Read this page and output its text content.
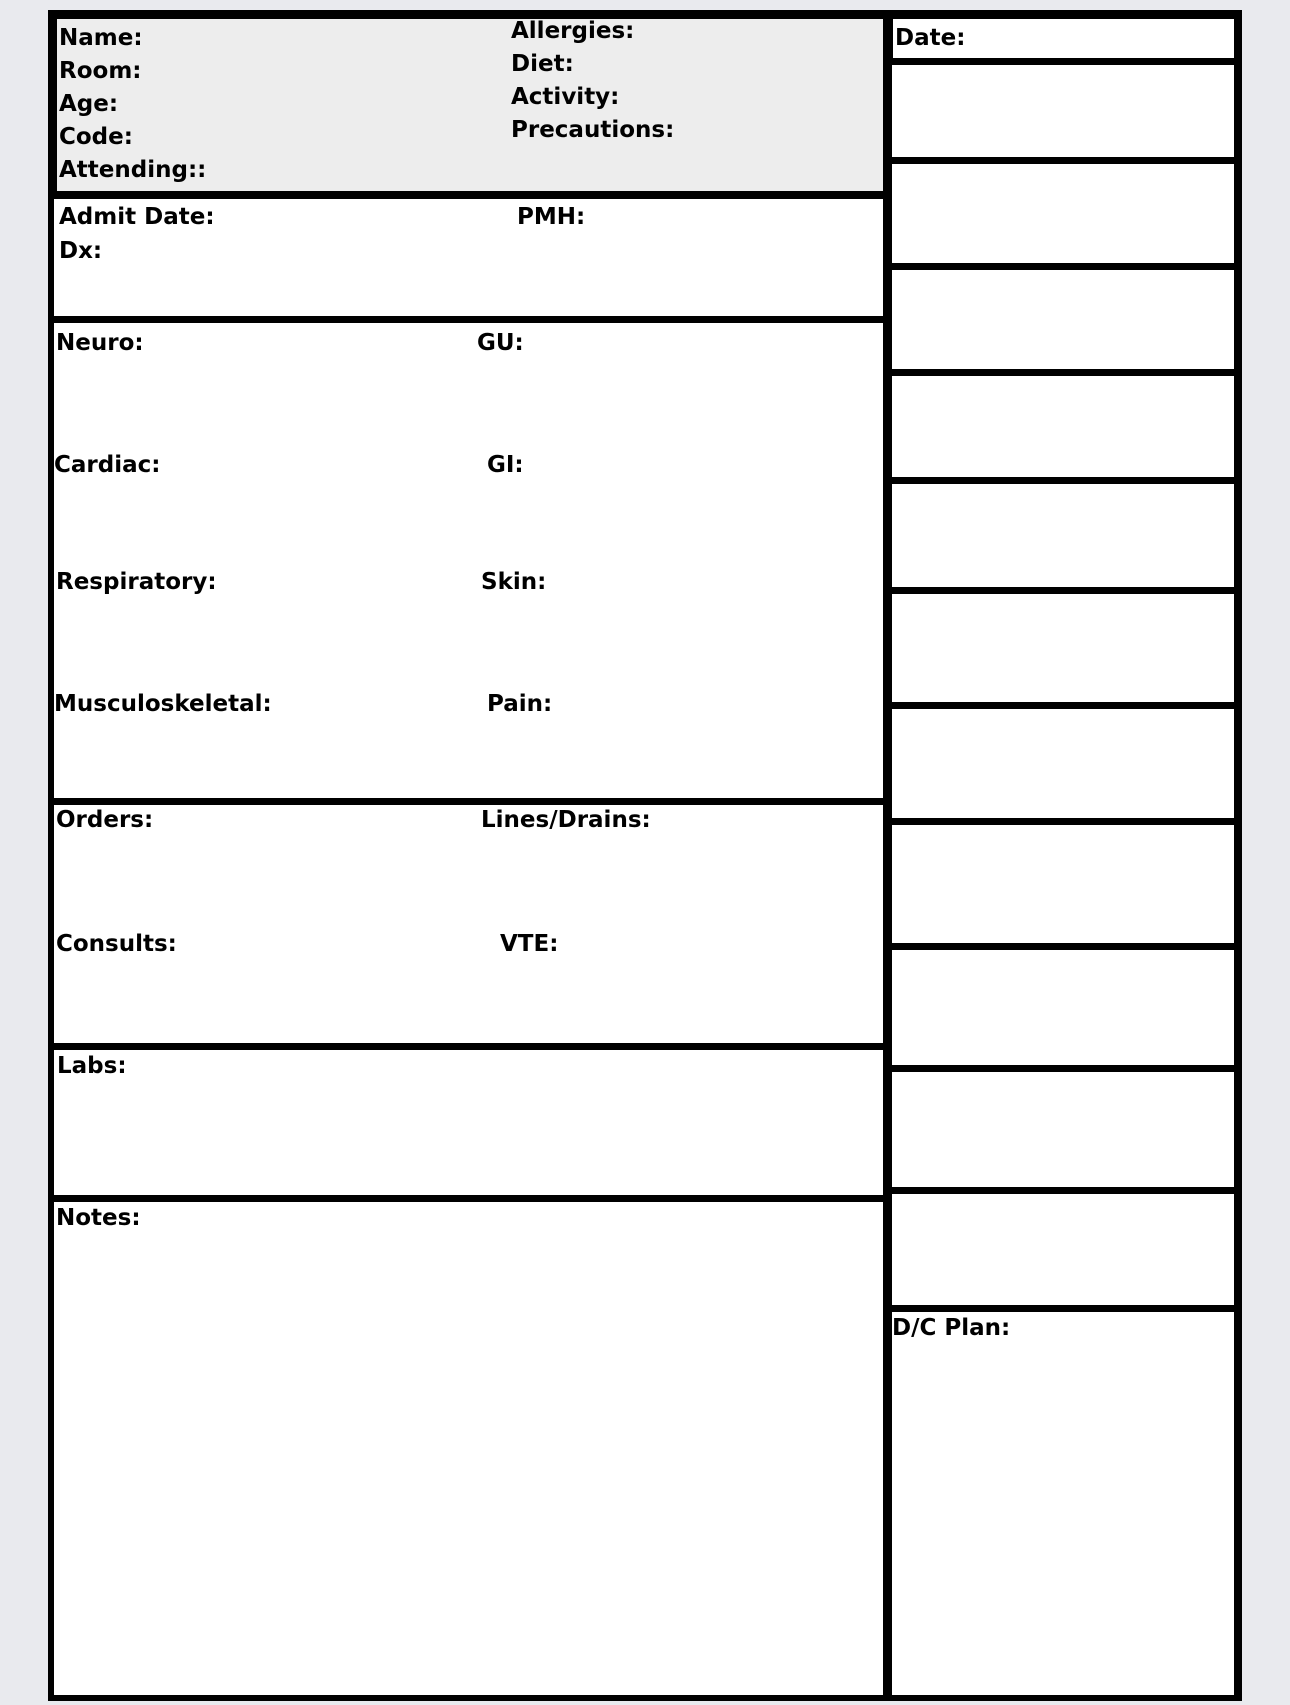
Name:
Room:
Age:
Code:
Attending::
Allergies:
Diet:
Activity:
Precautions:
Admit Date:	PMH:
Dx:
Neuro:	GU:
Cardiac:	GI:
Respiratory:	Skin:
Musculoskeletal:	Pain:
Orders:	Lines/Drains:
Consults:	VTE:
Labs:
Notes:
Date:
D/C Plan:
